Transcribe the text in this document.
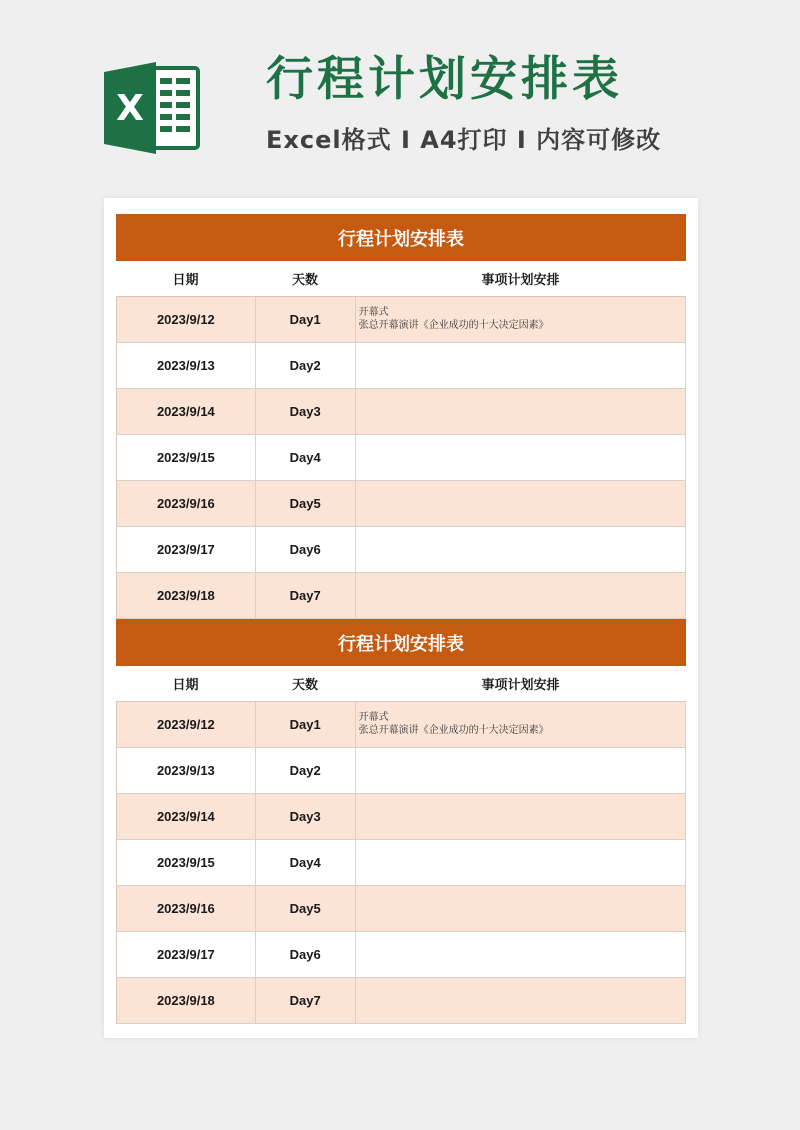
X
行程计划安排表
Excel格式 I A4打印 I 内容可修改
行程计划安排表
日期	天数	事项计划安排
2023/9/12	Day1	开幕式
张总开幕演讲《企业成功的十大决定因素》
2023/9/13	Day2
2023/9/14	Day3
2023/9/15	Day4
2023/9/16	Day5
2023/9/17	Day6
2023/9/18	Day7
行程计划安排表
日期	天数	事项计划安排
2023/9/12	Day1	开幕式
张总开幕演讲《企业成功的十大决定因素》
2023/9/13	Day2
2023/9/14	Day3
2023/9/15	Day4
2023/9/16	Day5
2023/9/17	Day6
2023/9/18	Day7
